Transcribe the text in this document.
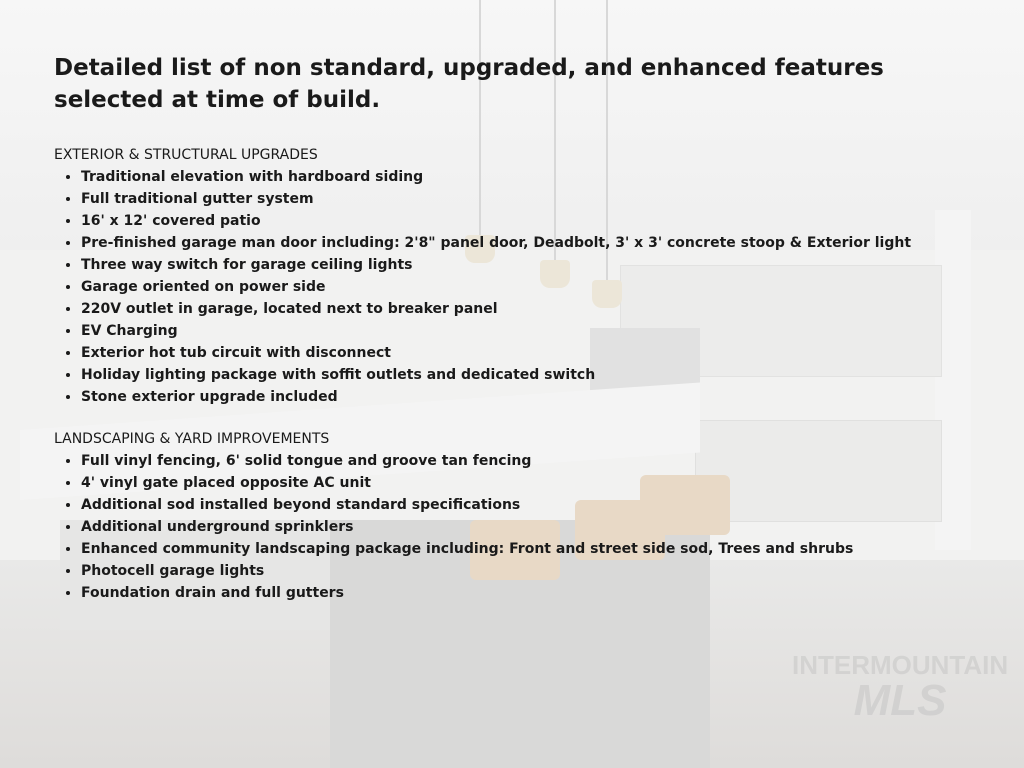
INTERMOUNTAIN
MLS
Detailed list of non standard, upgraded, and enhanced features selected at time of build.
EXTERIOR & STRUCTURAL UPGRADES
• Traditional elevation with hardboard siding
• Full traditional gutter system
• 16' x 12' covered patio
• Pre-finished garage man door including: 2'8" panel door, Deadbolt, 3' x 3' concrete stoop & Exterior light
• Three way switch for garage ceiling lights
• Garage oriented on power side
• 220V outlet in garage, located next to breaker panel
• EV Charging
• Exterior hot tub circuit with disconnect
• Holiday lighting package with soffit outlets and dedicated switch
• Stone exterior upgrade included
LANDSCAPING & YARD IMPROVEMENTS
• Full vinyl fencing, 6' solid tongue and groove tan fencing
• 4' vinyl gate placed opposite AC unit
• Additional sod installed beyond standard specifications
• Additional underground sprinklers
• Enhanced community landscaping package including: Front and street side sod, Trees and shrubs
• Photocell garage lights
• Foundation drain and full gutters
